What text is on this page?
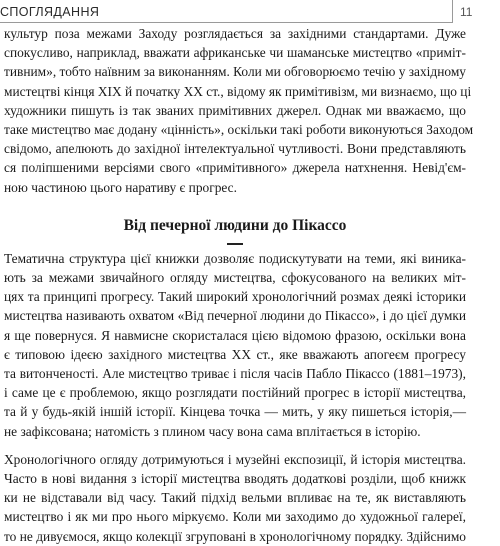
СПОГЛЯДАННЯ	11

культур поза межами Заходу розглядається за західними стандартами. Дуже
спокусливо, наприклад, вважати африканське чи шаманське мистецтво «приміт-
тивним», тобто наївним за виконанням. Коли ми обговорюємо течію у західному
мистецтві кінця XIX й початку XX ст., відому як примітивізм, ми визнаємо, що ці
художники пишуть із так званих примітивних джерел. Однак ми вважаємо, що
таке мистецтво має додану «цінність», оскільки такі роботи виконуються Заходом
свідомо, апелюють до західної інтелектуальної чутливості. Вони представляють
ся поліпшеними версіями свого «примітивного» джерела натхнення. Невід'єм-
ною частиною цього наративу є прогрес.

Від печерної людини до Пікассо

Тематична структура цієї книжки дозволяє подискутувати на теми, які виника-
ють за межами звичайного огляду мистецтва, сфокусованого на великих міт-
цях та принципі прогресу. Такий широкий хронологічний розмах деякі історики
мистецтва називають охватом «Від печерної людини до Пікассо», і до цієї думки
я ще повернуся. Я навмисне скористалася цією відомою фразою, оскільки вона
є типовою ідеєю західного мистецтва XX ст., яке вважають апогеєм прогресу
та витонченості. Але мистецтво триває і після часів Пабло Пікассо (1881–1973),
і саме це є проблемою, якщо розглядати постійний прогрес в історії мистецтва,
та й у будь-якій іншій історії. Кінцева точка — мить, у яку пишеться історія,—
не зафіксована; натомість з плином часу вона сама вплітається в історію.

Хронологічного огляду дотримуються і музейні експозиції, й історія мистецтва.
Часто в нові видання з історії мистецтва вводять додаткові розділи, щоб книжк
ки не відставали від часу. Такий підхід вельми впливає на те, як виставляють
мистецтво і як ми про нього міркуємо. Коли ми заходимо до художньої галереї,
то не дивуємося, якщо колекції згруповані в хронологічному порядку. Здійснимо
